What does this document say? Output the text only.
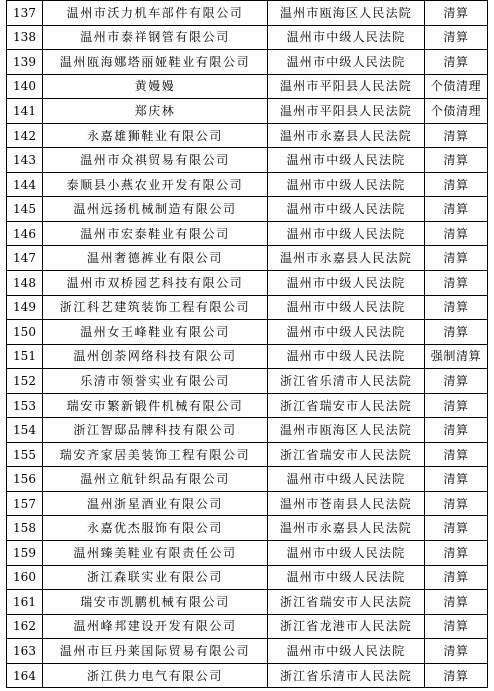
137	温州市沃力机车部件有限公司	温州市瓯海区人民法院	清算
138	温州市泰祥钢管有限公司	温州市中级人民法院	清算
139	温州瓯海娜塔丽娅鞋业有限公司	温州市中级人民法院	清算
140	黄嫚嫚	温州市平阳县人民法院	个债清理
141	郑庆林	温州市平阳县人民法院	个债清理
142	永嘉雄狮鞋业有限公司	温州市永嘉县人民法院	清算
143	温州市众祺贸易有限公司	温州市中级人民法院	清算
144	泰顺县小燕农业开发有限公司	温州市中级人民法院	清算
145	温州远扬机械制造有限公司	温州市中级人民法院	清算
146	温州市宏泰鞋业有限公司	温州市中级人民法院	清算
147	温州奢德裤业有限公司	温州市永嘉县人民法院	清算
148	温州市双桥园艺科技有限公司	温州市中级人民法院	清算
149	浙江科艺建筑装饰工程有限公司	温州市中级人民法院	清算
150	温州女王峰鞋业有限公司	温州市中级人民法院	清算
151	温州创荼网络科技有限公司	温州市中级人民法院	强制清算
152	乐清市领誉实业有限公司	浙江省乐清市人民法院	清算
153	瑞安市繁新锻件机械有限公司	浙江省瑞安市人民法院	清算
154	浙江智邸品牌科技有限公司	温州市瓯海区人民法院	清算
155	瑞安齐家居美装饰工程有限公司	浙江省瑞安市人民法院	清算
156	温州立航针织品有限公司	温州市中级人民法院	清算
157	温州浙星酒业有限公司	温州市苍南县人民法院	清算
158	永嘉优杰服饰有限公司	温州市永嘉县人民法院	清算
159	温州臻美鞋业有限责任公司	温州市中级人民法院	清算
160	浙江森联实业有限公司	温州市中级人民法院	清算
161	瑞安市凯鹏机械有限公司	浙江省瑞安市人民法院	清算
162	温州峰邦建设开发有限公司	浙江省龙港市人民法院	清算
163	温州市巨丹莱国际贸易有限公司	温州市中级人民法院	清算
164	浙江供力电气有限公司	浙江省乐清市人民法院	清算
